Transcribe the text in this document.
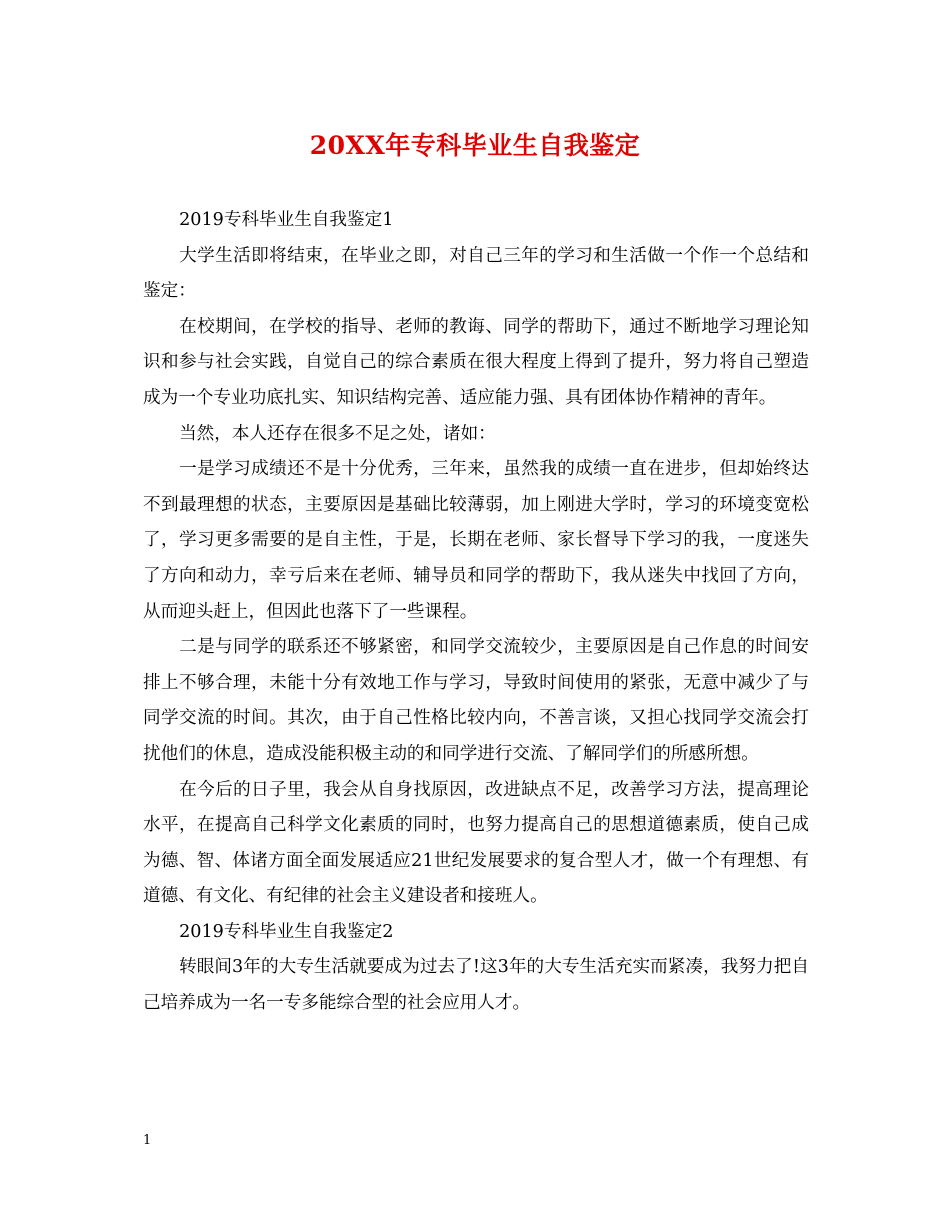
20XX年专科毕业生自我鉴定

2019专科毕业生自我鉴定1

大学生活即将结束，在毕业之即，对自己三年的学习和生活做一个作一个总结和鉴定：

在校期间，在学校的指导、老师的教诲、同学的帮助下，通过不断地学习理论知识和参与社会实践，自觉自己的综合素质在很大程度上得到了提升，努力将自己塑造成为一个专业功底扎实、知识结构完善、适应能力强、具有团体协作精神的青年。

当然，本人还存在很多不足之处，诸如：

一是学习成绩还不是十分优秀，三年来，虽然我的成绩一直在进步，但却始终达不到最理想的状态，主要原因是基础比较薄弱，加上刚进大学时，学习的环境变宽松了，学习更多需要的是自主性，于是，长期在老师、家长督导下学习的我，一度迷失了方向和动力，幸亏后来在老师、辅导员和同学的帮助下，我从迷失中找回了方向，从而迎头赶上，但因此也落下了一些课程。

二是与同学的联系还不够紧密，和同学交流较少，主要原因是自己作息的时间安排上不够合理，未能十分有效地工作与学习，导致时间使用的紧张，无意中减少了与同学交流的时间。其次，由于自己性格比较内向，不善言谈，又担心找同学交流会打扰他们的休息，造成没能积极主动的和同学进行交流、了解同学们的所感所想。

在今后的日子里，我会从自身找原因，改进缺点不足，改善学习方法，提高理论水平，在提高自己科学文化素质的同时，也努力提高自己的思想道德素质，使自己成为德、智、体诸方面全面发展适应21世纪发展要求的复合型人才，做一个有理想、有道德、有文化、有纪律的社会主义建设者和接班人。

2019专科毕业生自我鉴定2

转眼间3年的大专生活就要成为过去了!这3年的大专生活充实而紧凑，我努力把自己培养成为一名一专多能综合型的社会应用人才。

1
